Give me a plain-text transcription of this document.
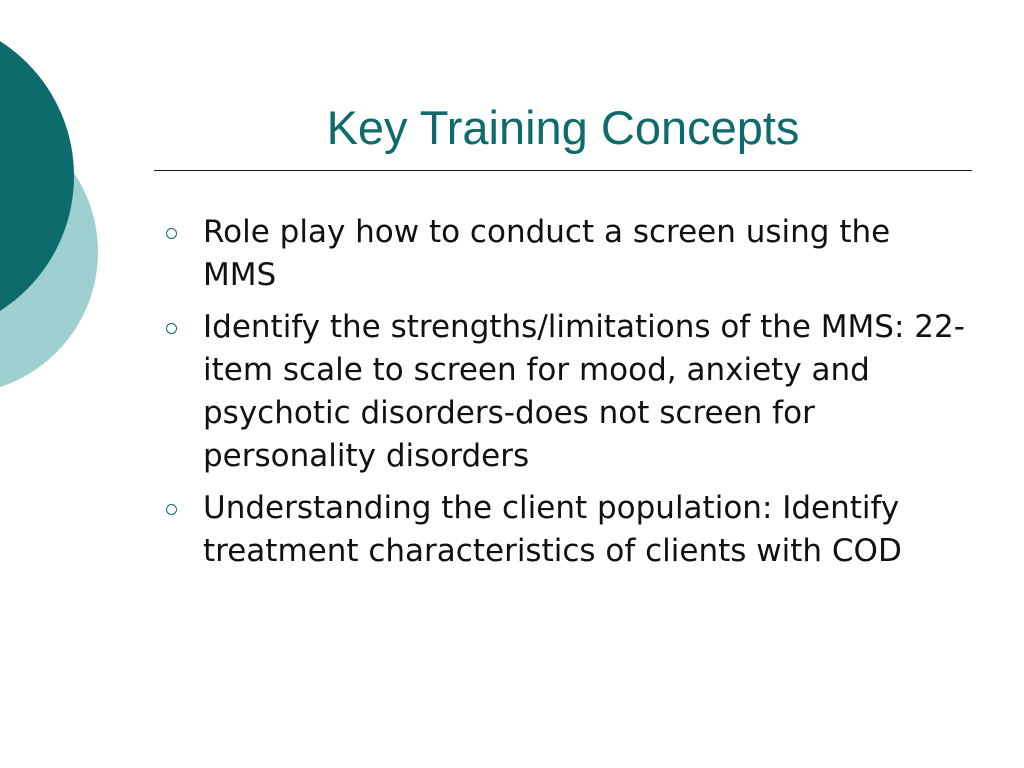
Key Training Concepts
Role play how to conduct a screen using the MMS
Identify the strengths/limitations of the MMS: 22-item scale to screen for mood, anxiety and psychotic disorders-does not screen for personality disorders
Understanding the client population: Identify treatment characteristics of clients with COD
